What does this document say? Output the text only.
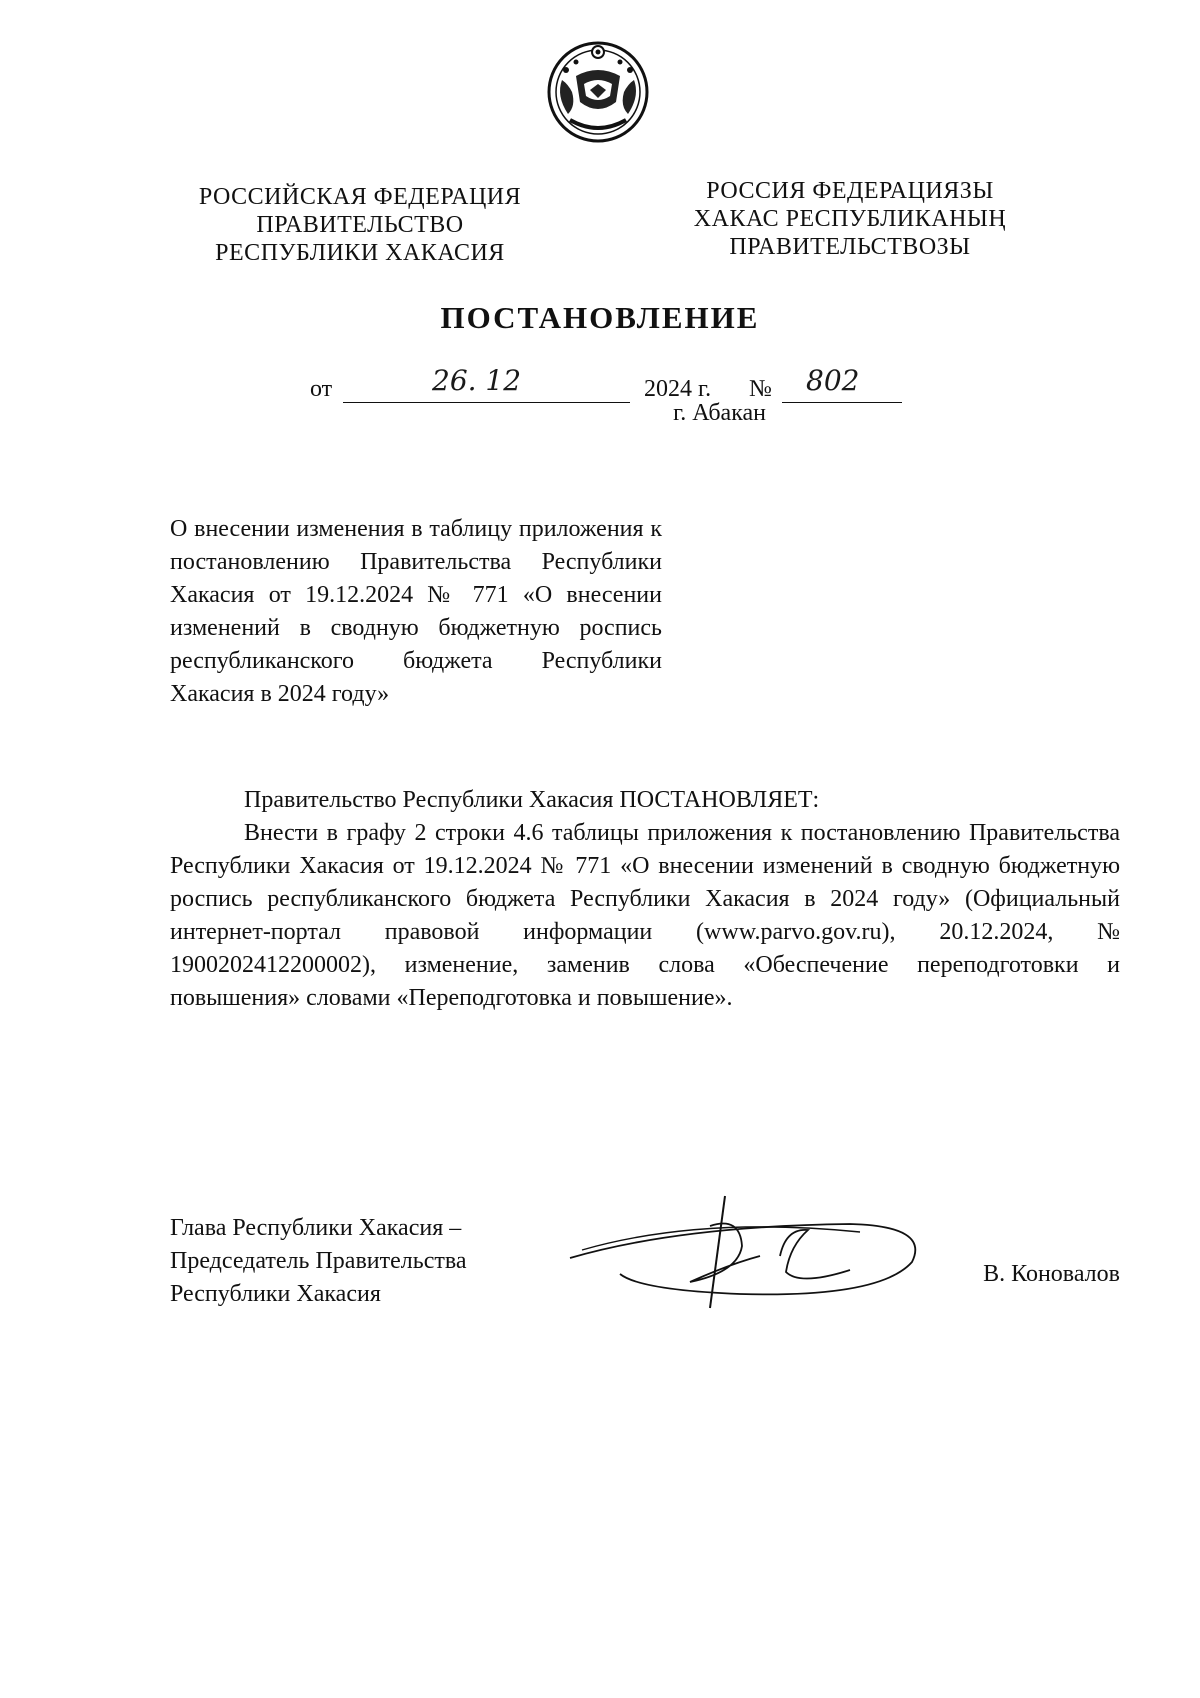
РОССИЙСКАЯ ФЕДЕРАЦИЯ
ПРАВИТЕЛЬСТВО
РЕСПУБЛИКИ ХАКАСИЯ
РОССИЯ ФЕДЕРАЦИЯЗЫ
ХАКАС РЕСПУБЛИКАНЫҢ
ПРАВИТЕЛЬСТВОЗЫ
ПОСТАНОВЛЕНИЕ
от	26. 12	2024 г. № 802
г. Абакан

О внесении изменения в таблицу приложения к постановлению Правительства Республики Хакасия от 19.12.2024 № 771 «О внесении изменений в сводную бюджетную роспись республиканского бюджета Республики Хакасия в 2024 году»

Правительство Республики Хакасия ПОСТАНОВЛЯЕТ:

Внести в графу 2 строки 4.6 таблицы приложения к постановлению Правительства Республики Хакасия от 19.12.2024 № 771 «О внесении изменений в сводную бюджетную роспись республиканского бюджета Республики Хакасия в 2024 году» (Официальный интернет-портал правовой информации (www.parvo.gov.ru), 20.12.2024, № 1900202412200002), изменение, заменив слова «Обеспечение переподготовки и повышения» словами «Переподготовка и повышение».

Глава Республики Хакасия –
Председатель Правительства
Республики Хакасия
В. Коновалов
